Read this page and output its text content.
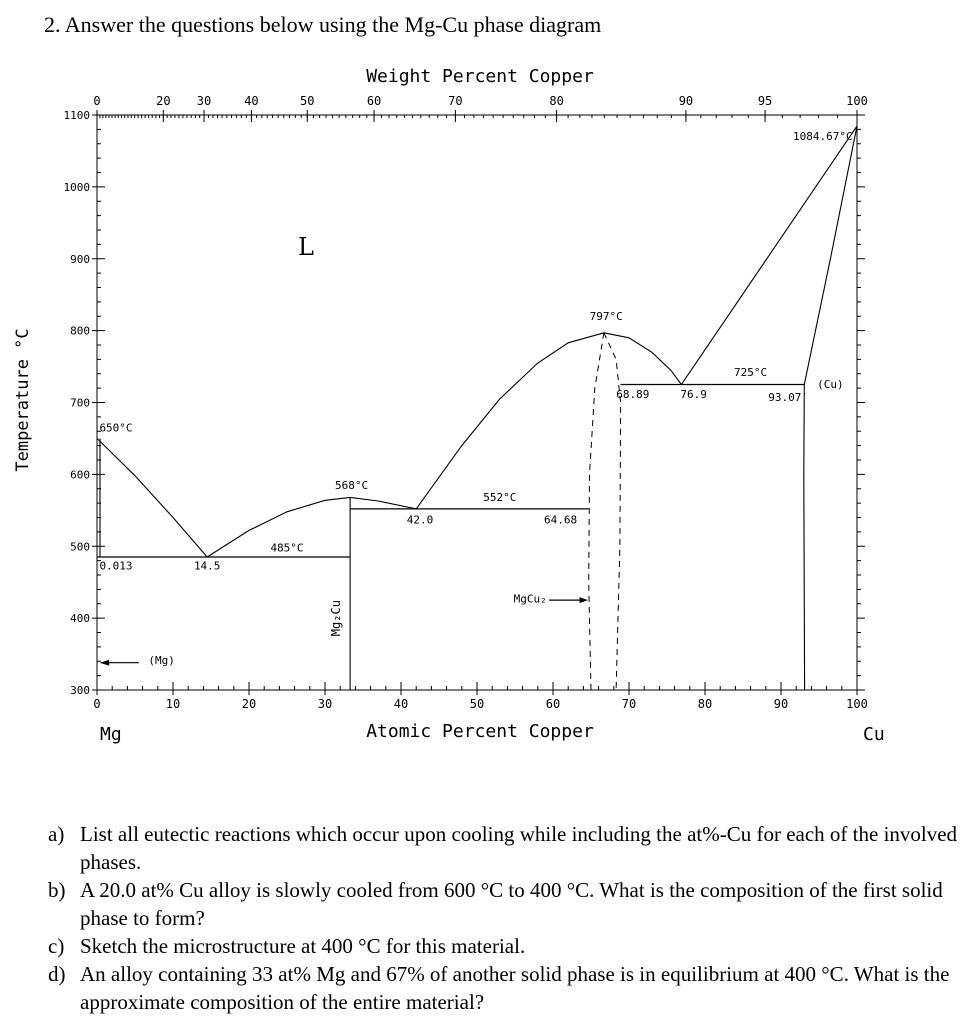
2. Answer the questions below using the Mg-Cu phase diagram
300
400
500
600
700
800
900
1000
1100
0	10	20	30	40	50	60	70	80	90	100
0	20 30	40	50	60	70	80	90	95	100
Weight Percent Copper
Atomic Percent Copper
Temperature °C
Mg	Cu
1084.67°C
L
797°C
725°C
(Cu)
68.89	76.9	93.07
650°C
568°C
552°C
42.0	64.68
485°C
0.013	14.5
MgCu₂
(Mg)
Mg₂Cu
a) List all eutectic reactions which occur upon cooling while including the at%-Cu for each of the involved phases.
b) A 20.0 at% Cu alloy is slowly cooled from 600 °C to 400 °C. What is the composition of the first solid phase to form?
c) Sketch the microstructure at 400 °C for this material.
d) An alloy containing 33 at% Mg and 67% of another solid phase is in equilibrium at 400 °C. What is the approximate composition of the entire material?
